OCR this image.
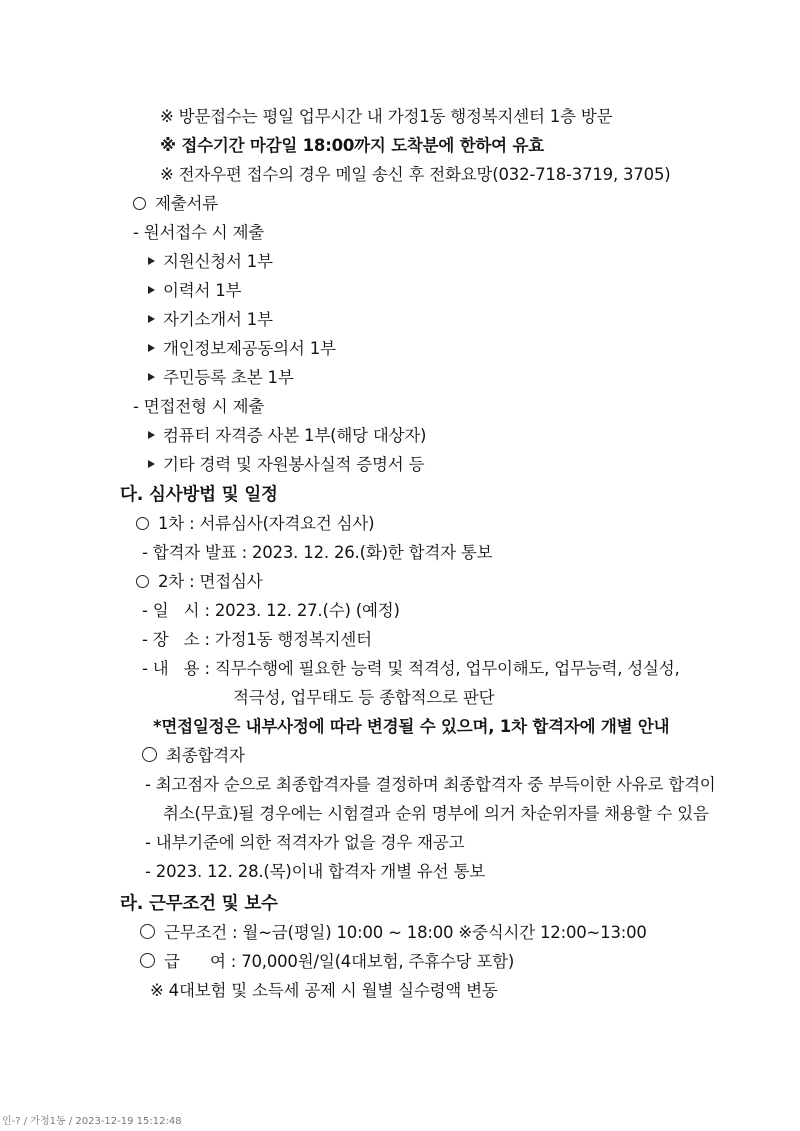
※ 방문접수는 평일 업무시간 내 가정1동 행정복지센터 1층 방문
※ 접수기간 마감일 18:00까지 도착분에 한하여 유효
※ 전자우편 접수의 경우 메일 송신 후 전화요망(032-718-3719, 3705)
제출서류
- 원서접수 시 제출
지원신청서 1부
이력서 1부
자기소개서 1부
개인정보제공동의서 1부
주민등록 초본 1부
- 면접전형 시 제출
컴퓨터 자격증 사본 1부(해당 대상자)
기타 경력 및 자원봉사실적 증명서 등
다. 심사방법 및 일정
1차 : 서류심사(자격요건 심사)
- 합격자 발표 : 2023. 12. 26.(화)한 합격자 통보
2차 : 면접심사
- 일   시 : 2023. 12. 27.(수) (예정)
- 장   소 : 가정1동 행정복지센터
- 내   용 : 직무수행에 필요한 능력 및 적격성, 업무이해도, 업무능력, 성실성,
적극성, 업무태도 등 종합적으로 판단
*면접일정은 내부사정에 따라 변경될 수 있으며, 1차 합격자에 개별 안내
최종합격자
- 최고점자 순으로 최종합격자를 결정하며 최종합격자 중 부득이한 사유로 합격이
취소(무효)될 경우에는 시험결과 순위 명부에 의거 차순위자를 채용할 수 있음
- 내부기준에 의한 적격자가 없을 경우 재공고
- 2023. 12. 28.(목)이내 합격자 개별 유선 통보
라. 근무조건 및 보수
근무조건 : 월~금(평일) 10:00 ~ 18:00 ※중식시간 12:00~13:00
급      여 : 70,000원/일(4대보험, 주휴수당 포함)
※ 4대보험 및 소득세 공제 시 월별 실수령액 변동
인-? / 가정1동 / 2023-12-19 15:12:48
